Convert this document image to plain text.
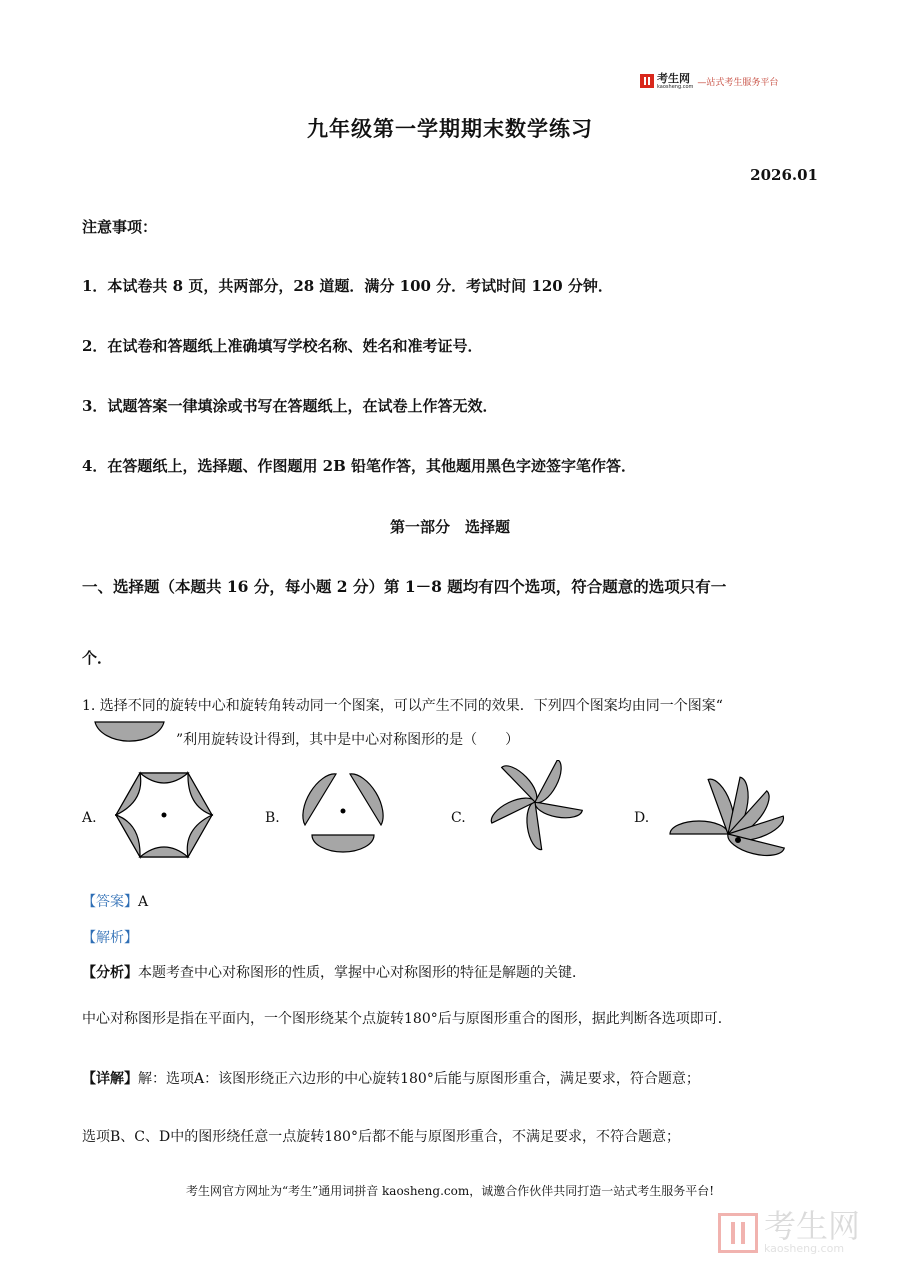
考生网
kaosheng.com —站式考生服务平台
九年级第一学期期末数学练习
2026.01
注意事项：
1．本试卷共 8 页，共两部分，28 道题．满分 100 分．考试时间 120 分钟．
2．在试卷和答题纸上准确填写学校名称、姓名和准考证号．
3．试题答案一律填涂或书写在答题纸上，在试卷上作答无效．
4．在答题纸上，选择题、作图题用 2B 铅笔作答，其他题用黑色字迹签字笔作答．
第一部分　选择题
一、选择题（本题共 16 分，每小题 2 分）第 1－8 题均有四个选项，符合题意的选项只有一
个．
1. 选择不同的旋转中心和旋转角转动同一个图案，可以产生不同的效果．下列四个图案均由同一个图案“
”利用旋转设计得到，其中是中心对称图形的是（　　）
A.	B.	C.	D.
【答案】A
【解析】
【分析】本题考查中心对称图形的性质，掌握中心对称图形的特征是解题的关键．
中心对称图形是指在平面内，一个图形绕某个点旋转180°后与原图形重合的图形，据此判断各选项即可．
【详解】解：选项A：该图形绕正六边形的中心旋转180°后能与原图形重合，满足要求，符合题意；
选项B、C、D中的图形绕任意一点旋转180°后都不能与原图形重合，不满足要求，不符合题意；
考生网官方网址为“考生”通用词拼音 kaosheng.com，诚邀合作伙伴共同打造一站式考生服务平台!
考生网
kaosheng.com
